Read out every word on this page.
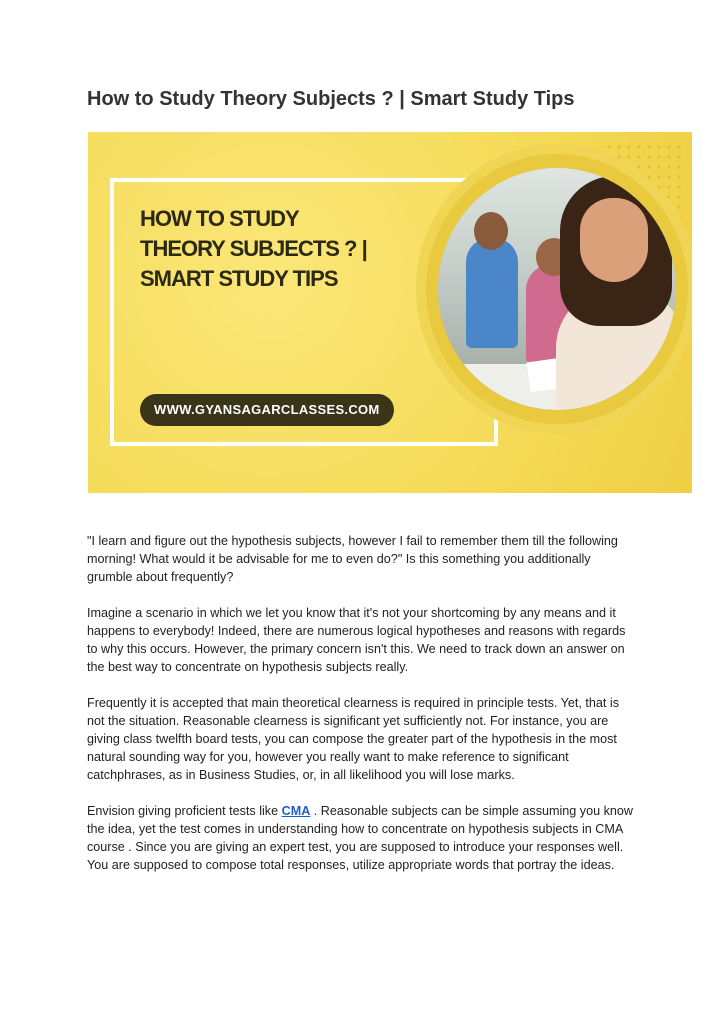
How to Study Theory Subjects ? | Smart Study Tips
HOW TO STUDY
THEORY SUBJECTS ? |
SMART STUDY TIPS
WWW.GYANSAGARCLASSES.COM

"I learn and figure out the hypothesis subjects, however I fail to remember them till the following morning! What would it be advisable for me to even do?" Is this something you additionally grumble about frequently?

Imagine a scenario in which we let you know that it's not your shortcoming by any means and it happens to everybody! Indeed, there are numerous logical hypotheses and reasons with regards to why this occurs. However, the primary concern isn't this. We need to track down an answer on the best way to concentrate on hypothesis subjects really.

Frequently it is accepted that main theoretical clearness is required in principle tests. Yet, that is not the situation. Reasonable clearness is significant yet sufficiently not. For instance, you are giving class twelfth board tests, you can compose the greater part of the hypothesis in the most natural sounding way for you, however you really want to make reference to significant catchphrases, as in Business Studies, or, in all likelihood you will lose marks.

Envision giving proficient tests like CMA . Reasonable subjects can be simple assuming you know the idea, yet the test comes in understanding how to concentrate on hypothesis subjects in CMA course . Since you are giving an expert test, you are supposed to introduce your responses well. You are supposed to compose total responses, utilize appropriate words that portray the ideas.
